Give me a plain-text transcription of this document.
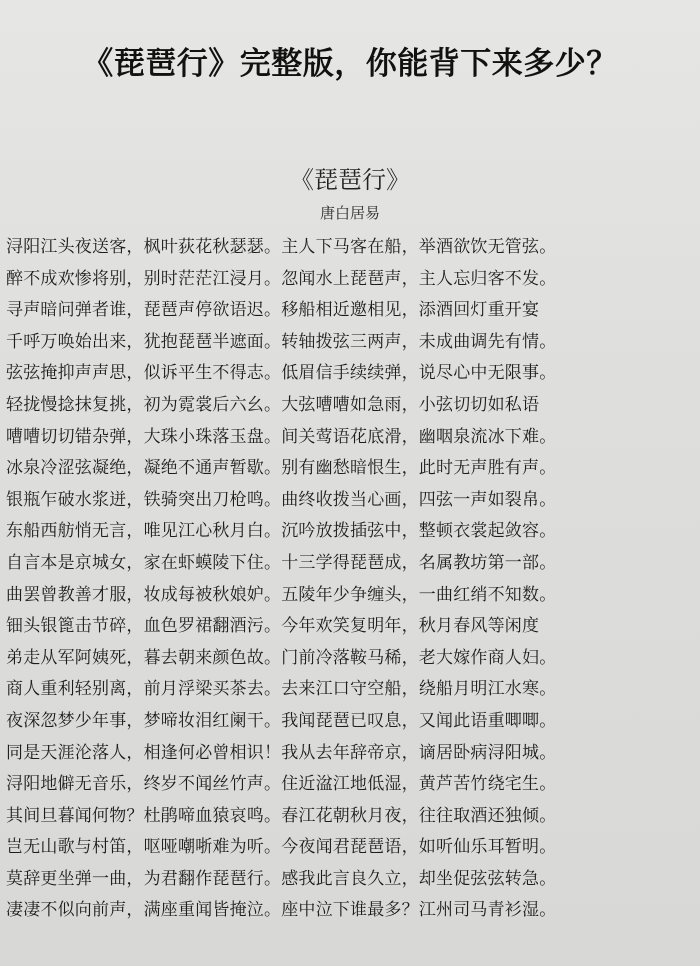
《琵琶行》完整版，你能背下来多少？
《琵琶行》
唐白居易
浔阳江头夜送客，枫叶荻花秋瑟瑟。主人下马客在船，举酒欲饮无管弦。
醉不成欢惨将别，别时茫茫江浸月。忽闻水上琵琶声，主人忘归客不发。
寻声暗问弹者谁，琵琶声停欲语迟。移船相近邀相见，添酒回灯重开宴
千呼万唤始出来，犹抱琵琶半遮面。转轴拨弦三两声，未成曲调先有情。
弦弦掩抑声声思，似诉平生不得志。低眉信手续续弹，说尽心中无限事。
轻拢慢捻抹复挑，初为霓裳后六幺。大弦嘈嘈如急雨，小弦切切如私语
嘈嘈切切错杂弹，大珠小珠落玉盘。间关莺语花底滑，幽咽泉流冰下难。
冰泉冷涩弦凝绝，凝绝不通声暂歇。别有幽愁暗恨生，此时无声胜有声。
银瓶乍破水浆迸，铁骑突出刀枪鸣。曲终收拨当心画，四弦一声如裂帛。
东船西舫悄无言，唯见江心秋月白。沉吟放拨插弦中，整顿衣裳起敛容。
自言本是京城女，家在虾蟆陵下住。十三学得琵琶成，名属教坊第一部。
曲罢曾教善才服，妆成每被秋娘妒。五陵年少争缠头，一曲红绡不知数。
钿头银篦击节碎，血色罗裙翻酒污。今年欢笑复明年，秋月春风等闲度
弟走从军阿姨死，暮去朝来颜色故。门前冷落鞍马稀，老大嫁作商人妇。
商人重利轻别离，前月浮梁买茶去。去来江口守空船，绕船月明江水寒。
夜深忽梦少年事，梦啼妆泪红阑干。我闻琵琶已叹息，又闻此语重唧唧。
同是天涯沦落人，相逢何必曾相识！我从去年辞帝京，谪居卧病浔阳城。
浔阳地僻无音乐，终岁不闻丝竹声。住近湓江地低湿，黄芦苦竹绕宅生。
其间旦暮闻何物？杜鹃啼血猿哀鸣。春江花朝秋月夜，往往取酒还独倾。
岂无山歌与村笛，呕哑嘲哳难为听。今夜闻君琵琶语，如听仙乐耳暂明。
莫辞更坐弹一曲，为君翻作琵琶行。感我此言良久立，却坐促弦弦转急。
凄凄不似向前声，满座重闻皆掩泣。座中泣下谁最多？江州司马青衫湿。
